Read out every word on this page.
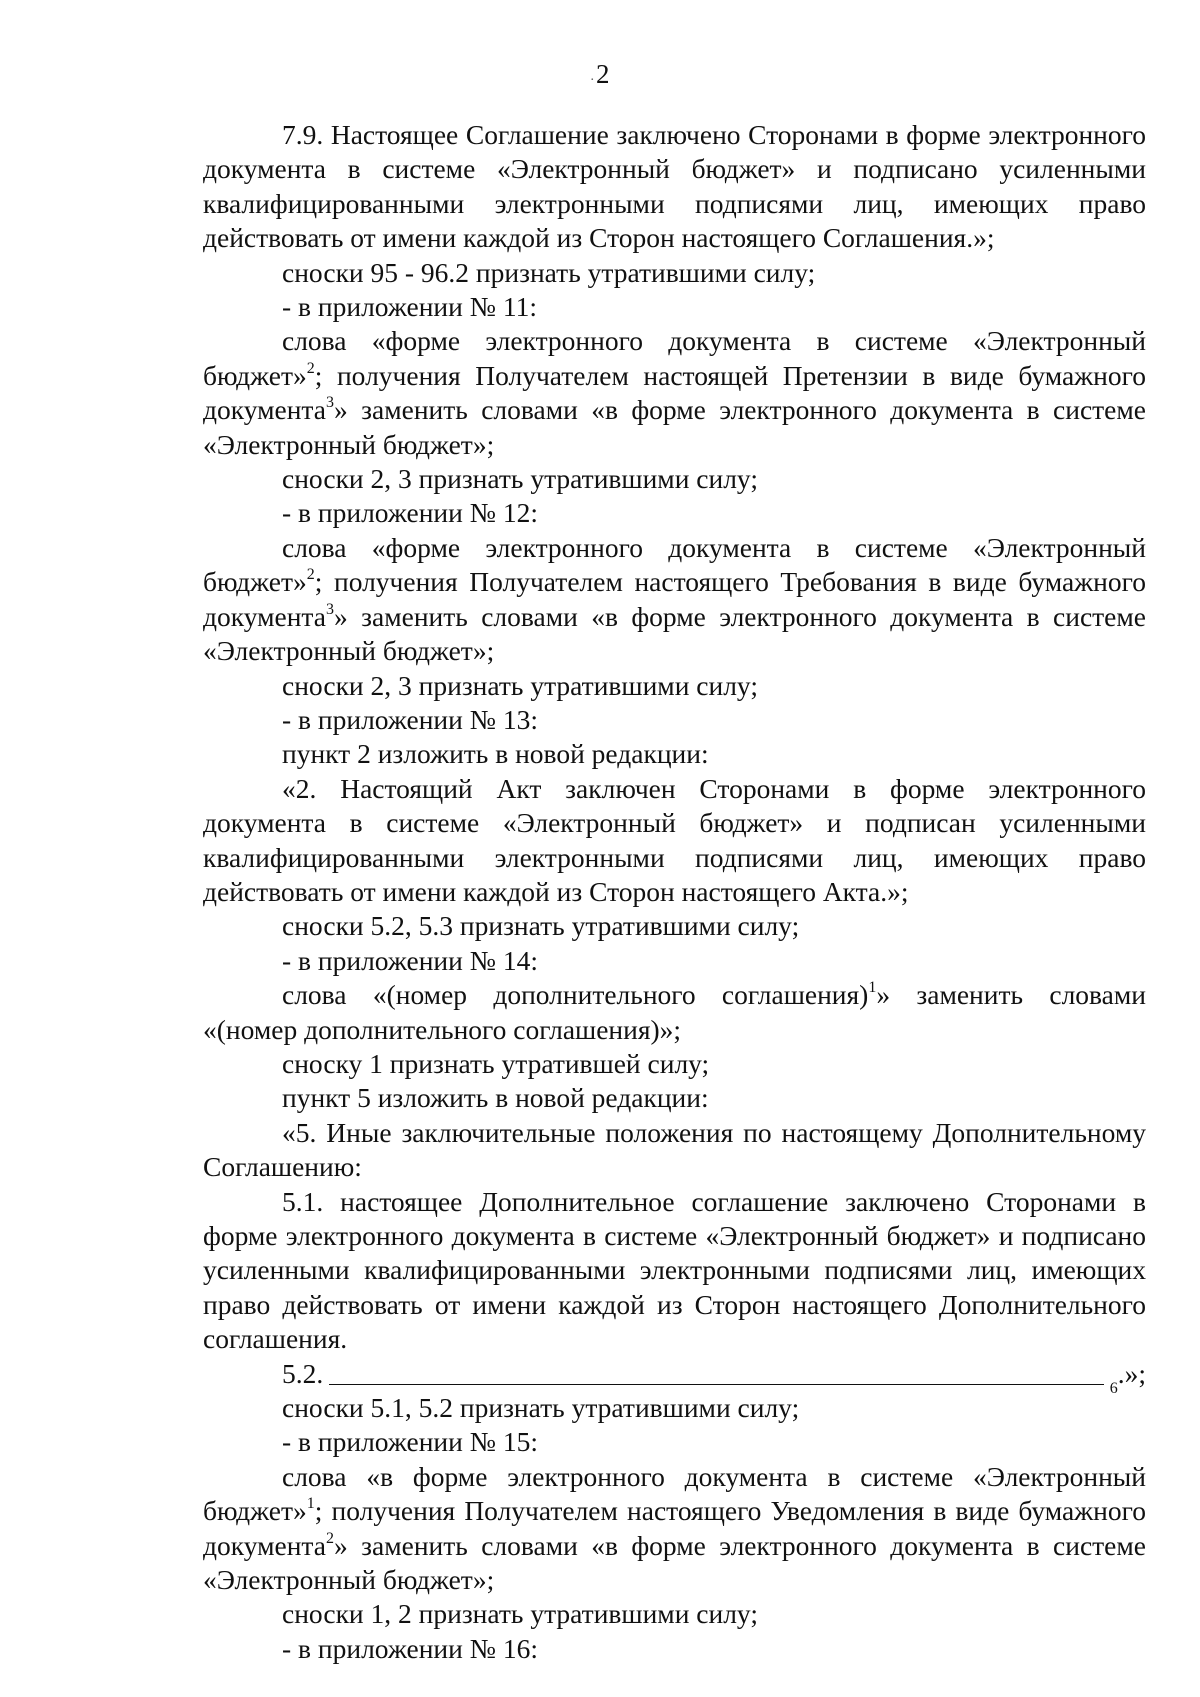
.2

7.9. Настоящее Соглашение заключено Сторонами в форме электронного документа в системе «Электронный бюджет» и подписано усиленными квалифицированными электронными подписями лиц, имеющих право действовать от имени каждой из Сторон настоящего Соглашения.»;

сноски 95 - 96.2 признать утратившими силу;

- в приложении № 11:

слова «форме электронного документа в системе «Электронный бюджет»$^2$; получения Получателем настоящей Претензии в виде бумажного документа$^3$» заменить словами «в форме электронного документа в системе «Электронный бюджет»;

сноски 2, 3 признать утратившими силу;

- в приложении № 12:

слова «форме электронного документа в системе «Электронный бюджет»$^2$; получения Получателем настоящего Требования в виде бумажного документа$^3$» заменить словами «в форме электронного документа в системе «Электронный бюджет»;

сноски 2, 3 признать утратившими силу;

- в приложении № 13:

пункт 2 изложить в новой редакции:

«2. Настоящий Акт заключен Сторонами в форме электронного документа в системе «Электронный бюджет» и подписан усиленными квалифицированными электронными подписями лиц, имеющих право действовать от имени каждой из Сторон настоящего Акта.»;

сноски 5.2, 5.3 признать утратившими силу;

- в приложении № 14:

слова «(номер дополнительного соглашения)$^1$» заменить словами «(номер дополнительного соглашения)»;

сноску 1 признать утратившей силу;

пункт 5 изложить в новой редакции:

«5. Иные заключительные положения по настоящему Дополнительному Соглашению:

5.1. настоящее Дополнительное соглашение заключено Сторонами в форме электронного документа в системе «Электронный бюджет» и подписано усиленными квалифицированными электронными подписями лиц, имеющих право действовать от имени каждой из Сторон настоящего Дополнительного соглашения.

5.2.	$^6$ .»;

сноски 5.1, 5.2 признать утратившими силу;

- в приложении № 15:

слова «в форме электронного документа в системе «Электронный бюджет»$^1$; получения Получателем настоящего Уведомления в виде бумажного документа$^2$» заменить словами «в форме электронного документа в системе «Электронный бюджет»;

сноски 1, 2 признать утратившими силу;

- в приложении № 16:
